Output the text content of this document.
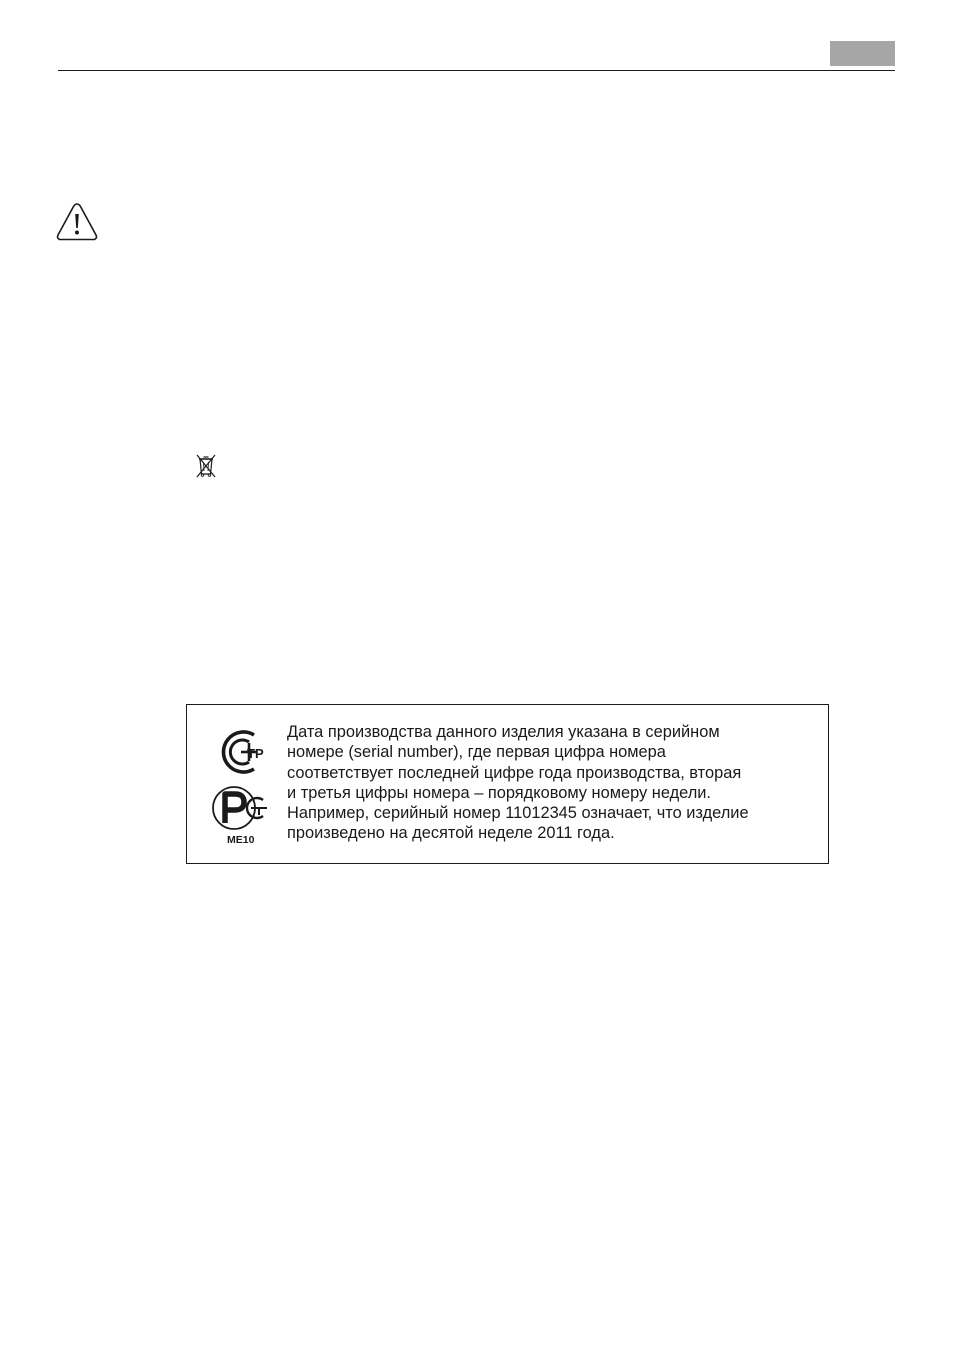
ТР
ME10

Дата производства данного изделия указана в серийном
номере (serial number), где первая цифра номера
соответствует последней цифре года производства, вторая
и третья цифры номера – порядковому номеру недели.
Например, серийный номер 11012345 означает, что изделие
произведено на десятой неделе 2011 года.
